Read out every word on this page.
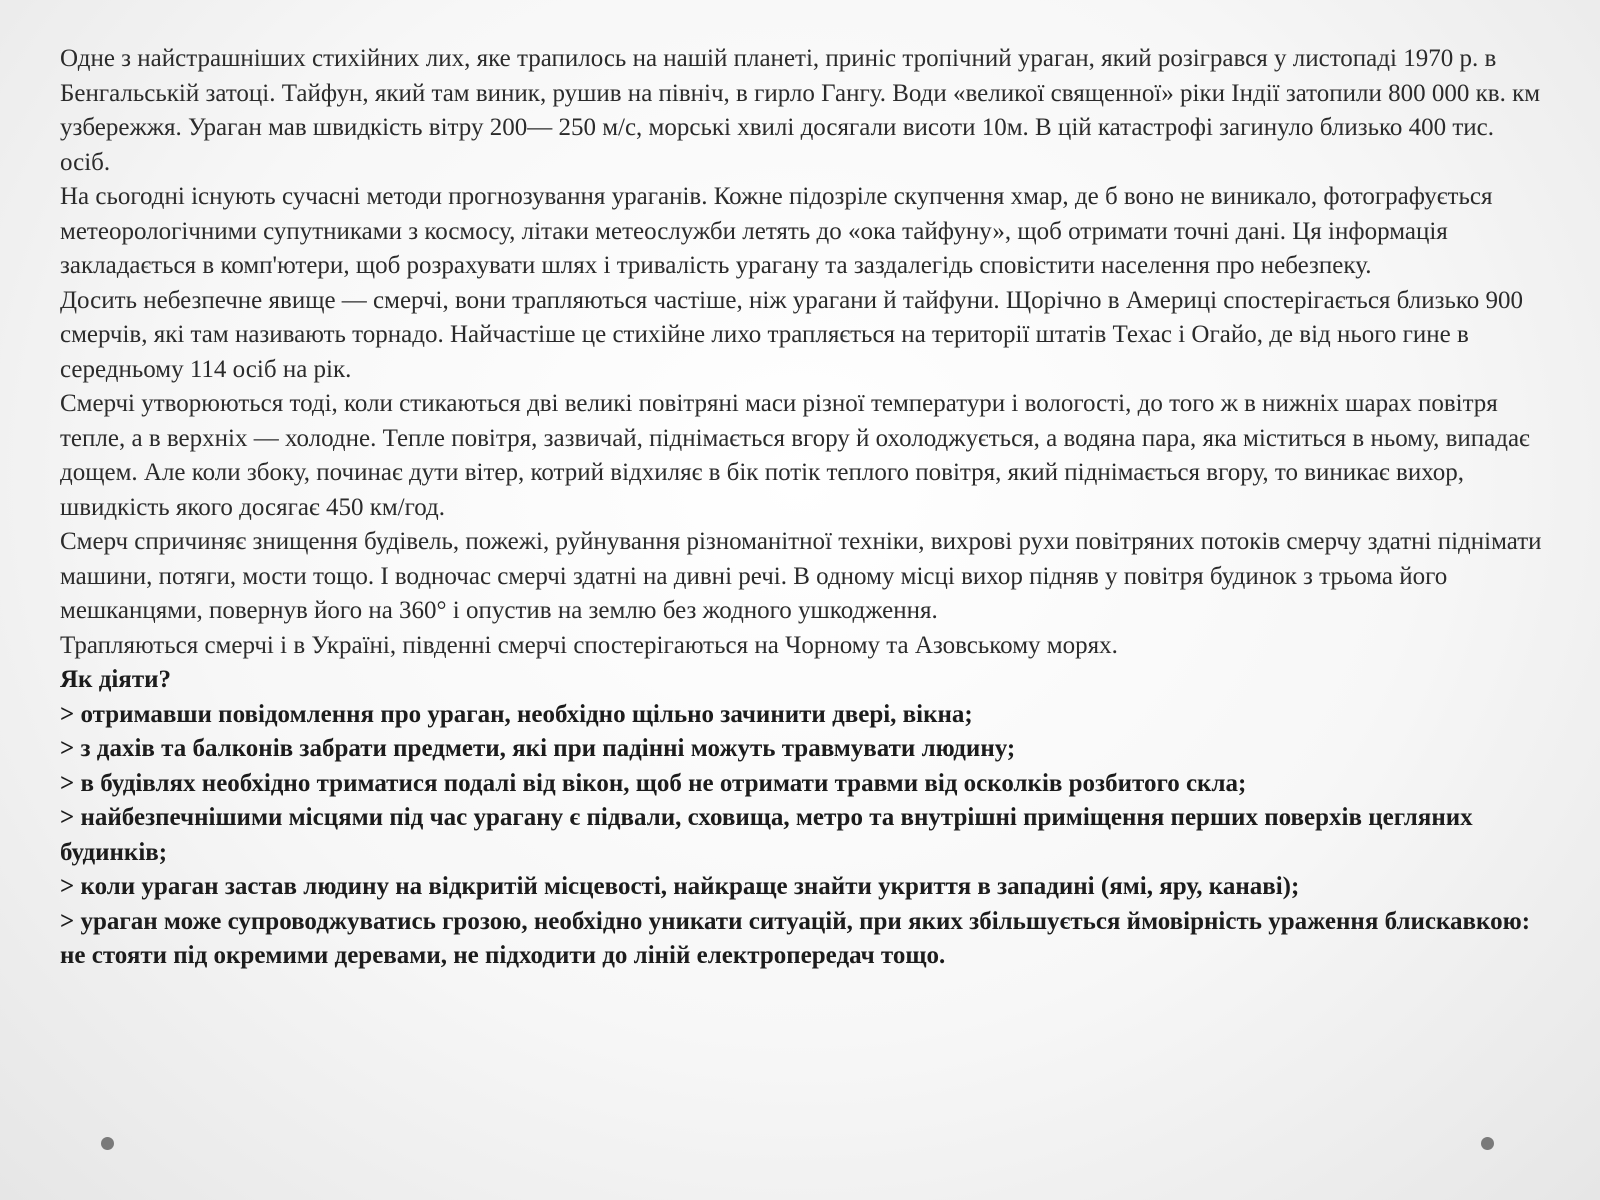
Одне з найстрашніших стихійних лих, яке трапилось на нашій планеті, приніс тропічний ураган, який розігрався у листопаді 1970 р. в Бенгальській затоці. Тайфун, який там виник, рушив на північ, в гирло Гангу. Води «великої священної» ріки Індії затопили 800 000 кв. км узбережжя. Ураган мав швидкість вітру 200— 250 м/с, морські хвилі досягали висоти 10м. В цій катастрофі загинуло близько 400 тис. осіб.

На сьогодні існують сучасні методи прогнозування ураганів. Кожне підозріле скупчення хмар, де б воно не виникало, фотографується метеорологічними супутниками з космосу, літаки метеослужби летять до «ока тайфуну», щоб отримати точні дані. Ця інформація закладається в комп'ютери, щоб розрахувати шлях і тривалість урагану та заздалегідь сповістити населення про небезпеку.

Досить небезпечне явище — смерчі, вони трапляються частіше, ніж урагани й тайфуни. Щорічно в Америці спостерігається близько 900 смерчів, які там називають торнадо. Найчастіше це стихійне лихо трапляється на території штатів Техас і Огайо, де від нього гине в середньому 114 осіб на рік.

Смерчі утворюються тоді, коли стикаються дві великі повітряні маси різної температури і вологості, до того ж в нижніх шарах повітря тепле, а в верхніх — холодне. Тепле повітря, зазвичай, піднімається вгору й охолоджується, а водяна пара, яка міститься в ньому, випадає дощем. Але коли збоку, починає дути вітер, котрий відхиляє в бік потік теплого повітря, який піднімається вгору, то виникає вихор, швидкість якого досягає 450 км/год.

Смерч спричиняє знищення будівель, пожежі, руйнування різноманітної техніки, вихрові рухи повітряних потоків смерчу здатні піднімати машини, потяги, мости тощо. І водночас смерчі здатні на дивні речі. В одному місці вихор підняв у повітря будинок з трьома його мешканцями, повернув його на 360° і опустив на землю без жодного ушкодження.

Трапляються смерчі і в Україні, південні смерчі спостерігаються на Чорному та Азовському морях.

Як діяти?

> отримавши повідомлення про ураган, необхідно щільно зачинити двері, вікна;

> з дахів та балконів забрати предмети, які при падінні можуть травмувати людину;

> в будівлях необхідно триматися подалі від вікон, щоб не отримати травми від осколків розбитого скла;

> найбезпечнішими місцями під час урагану є підвали, сховища, метро та внутрішні приміщення перших поверхів цегляних будинків;

> коли ураган застав людину на відкритій місцевості, найкраще знайти укриття в западині (ямі, яру, канаві);

> ураган може супроводжуватись грозою, необхідно уникати ситуацій, при яких збільшується ймовірність ураження блискавкою: не стояти під окремими деревами, не підходити до ліній електропередач тощо.
